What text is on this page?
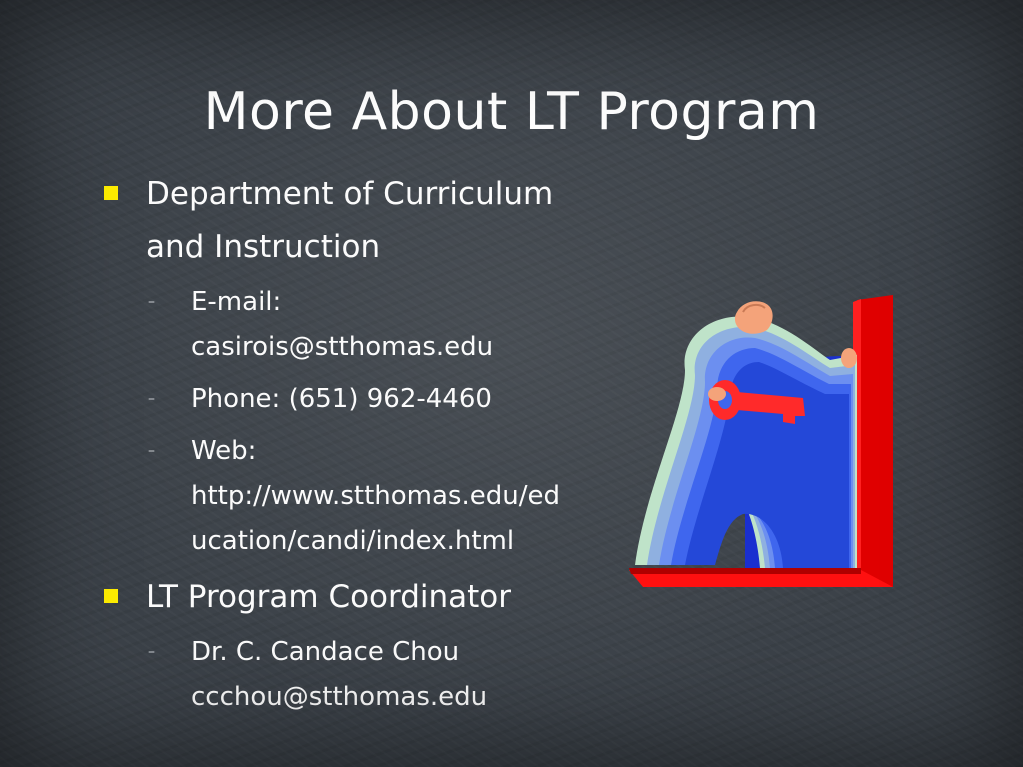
More About LT Program
Department of Curriculum
and Instruction
– E-mail:
casirois@stthomas.edu
– Phone: (651) 962-4460
– Web:
http://www.stthomas.edu/ed
ucation/candi/index.html
LT Program Coordinator
– Dr. C. Candace Chou
ccchou@stthomas.edu
